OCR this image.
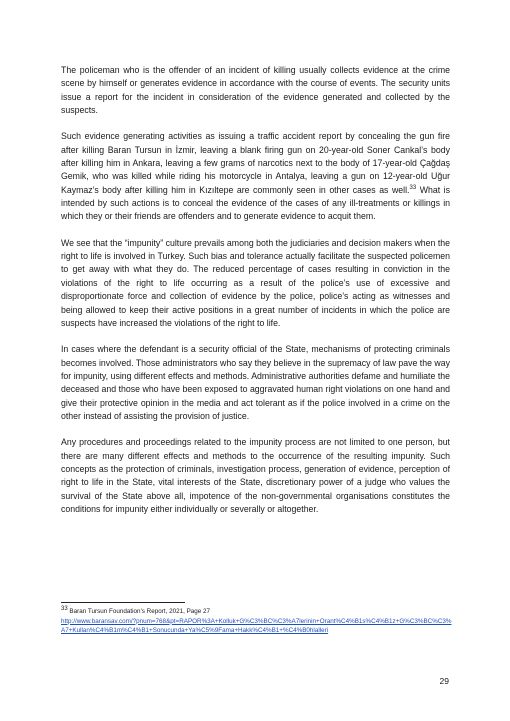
The policeman who is the offender of an incident of killing usually collects evidence at the crime scene by himself or generates evidence in accordance with the course of events. The security units issue a report for the incident in consideration of the evidence generated and collected by the suspects.

Such evidence generating activities as issuing a traffic accident report by concealing the gun fire after killing Baran Tursun in İzmir, leaving a blank firing gun on 20-year-old Soner Cankal’s body after killing him in Ankara, leaving a few grams of narcotics next to the body of 17-year-old Çağdaş Gemik, who was killed while riding his motorcycle in Antalya, leaving a gun on 12-year-old Uğur Kaymaz’s body after killing him in Kızıltepe are commonly seen in other cases as well.$^{33}$ What is intended by such actions is to conceal the evidence of the cases of any ill-treatments or killings in which they or their friends are offenders and to generate evidence to acquit them.

We see that the “impunity” culture prevails among both the judiciaries and decision makers when the right to life is involved in Turkey. Such bias and tolerance actually facilitate the suspected policemen to get away with what they do. The reduced percentage of cases resulting in conviction in the violations of the right to life occurring as a result of the police’s use of excessive and disproportionate force and collection of evidence by the police, police’s acting as witnesses and being allowed to keep their active positions in a great number of incidents in which the police are suspects have increased the violations of the right to life.

In cases where the defendant is a security official of the State, mechanisms of protecting criminals becomes involved. Those administrators who say they believe in the supremacy of law pave the way for impunity, using different effects and methods. Administrative authorities defame and humiliate the deceased and those who have been exposed to aggravated human right violations on one hand and give their protective opinion in the media and act tolerant as if the police involved in a crime on the other instead of assisting the provision of justice.

Any procedures and proceedings related to the impunity process are not limited to one person, but there are many different effects and methods to the occurrence of the resulting impunity. Such concepts as the protection of criminals, investigation process, generation of evidence, perception of right to life in the State, vital interests of the State, discretionary power of a judge who values the survival of the State above all, impotence of the non-governmental organisations constitutes the conditions for impunity either individually or severally or altogether.

$^{33}$ Baran Tursun Foundation’s Report, 2021, Page 27
http://www.baransav.com/?pnum=768&pt=RAPOR%3A+Kolluk+G%C3%BC%C3%A7lerinin+Orant%C4%B1s%C4%B1z+G%C3%BC%C3%A7+Kullan%C4%B1m%C4%B1+Sonucunda+Ya%C5%9Fama+Hakk%C4%B1+%C4%B0hlalleri
29
